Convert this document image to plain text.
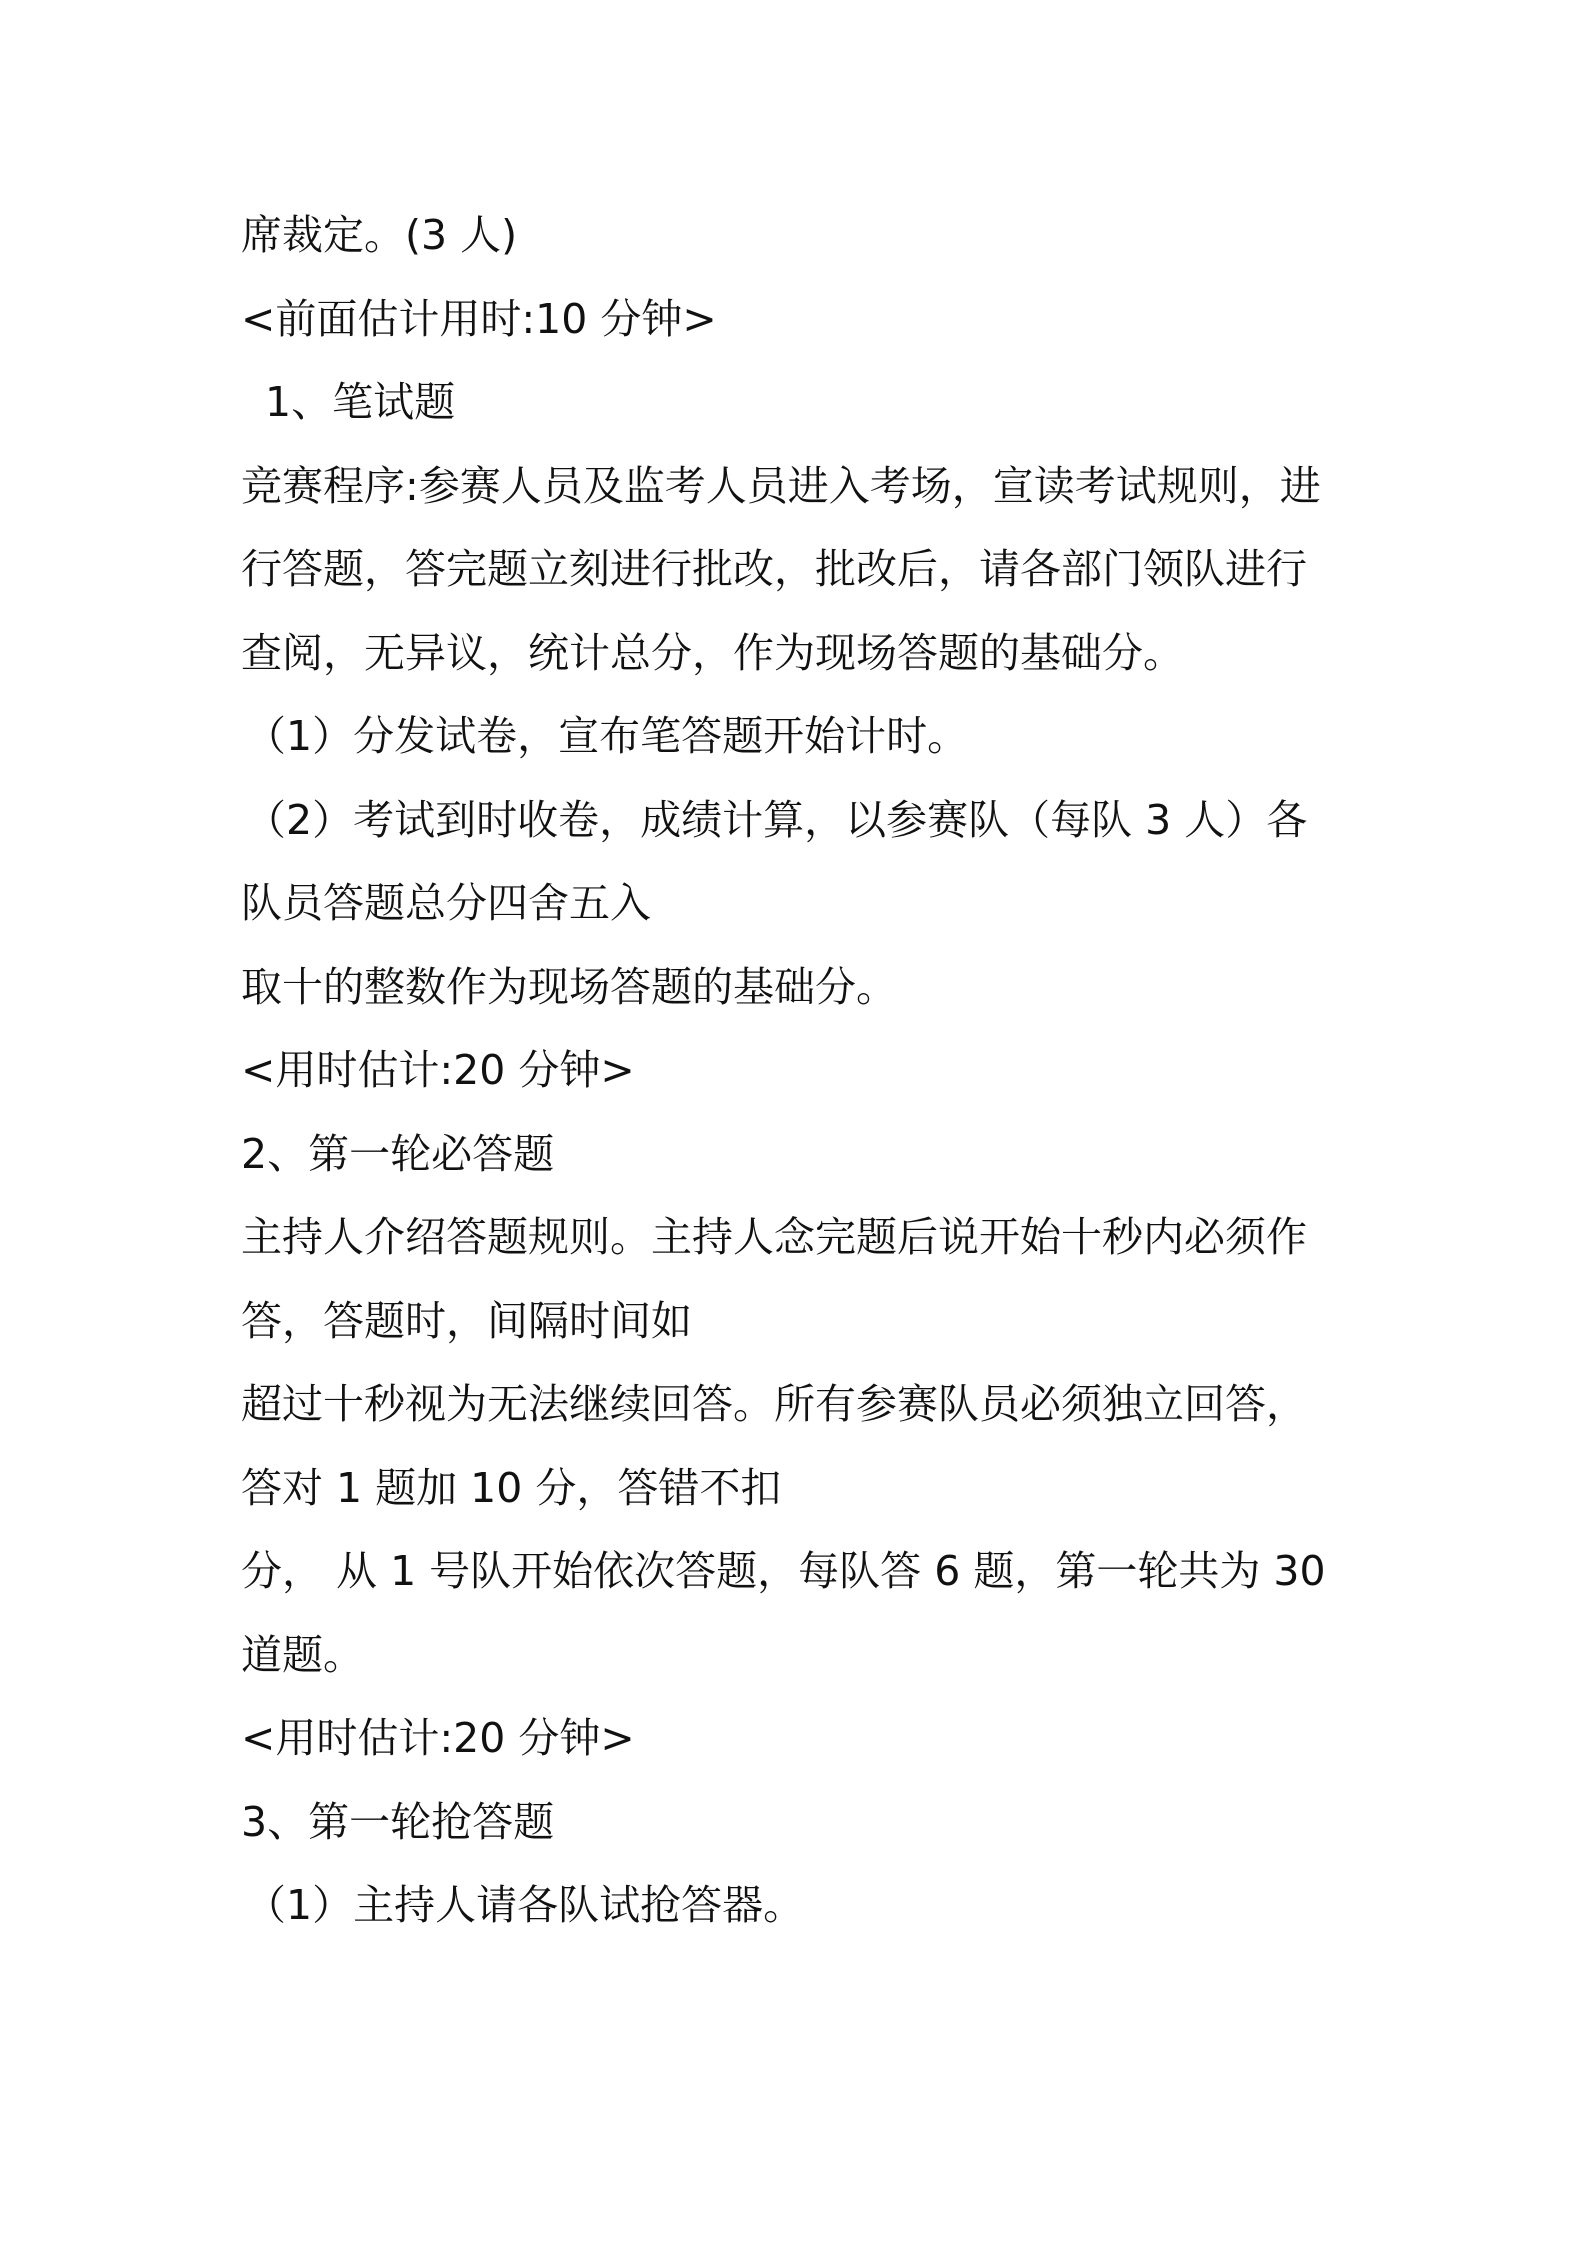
席裁定。(3 人)

<前面估计用时:10 分钟>

1、笔试题

竞赛程序:参赛人员及监考人员进入考场，宣读考试规则，进

行答题，答完题立刻进行批改，批改后，请各部门领队进行

查阅，无异议，统计总分，作为现场答题的基础分。

（1）分发试卷，宣布笔答题开始计时。

（2）考试到时收卷，成绩计算，以参赛队（每队 3 人）各

队员答题总分四舍五入

取十的整数作为现场答题的基础分。

<用时估计:20 分钟>

2、第一轮必答题

主持人介绍答题规则。主持人念完题后说开始十秒内必须作

答，答题时，间隔时间如

超过十秒视为无法继续回答。所有参赛队员必须独立回答，

答对 1 题加 10 分，答错不扣

分， 从 1 号队开始依次答题，每队答 6 题，第一轮共为 30

道题。

<用时估计:20 分钟>

3、第一轮抢答题

（1）主持人请各队试抢答器。
